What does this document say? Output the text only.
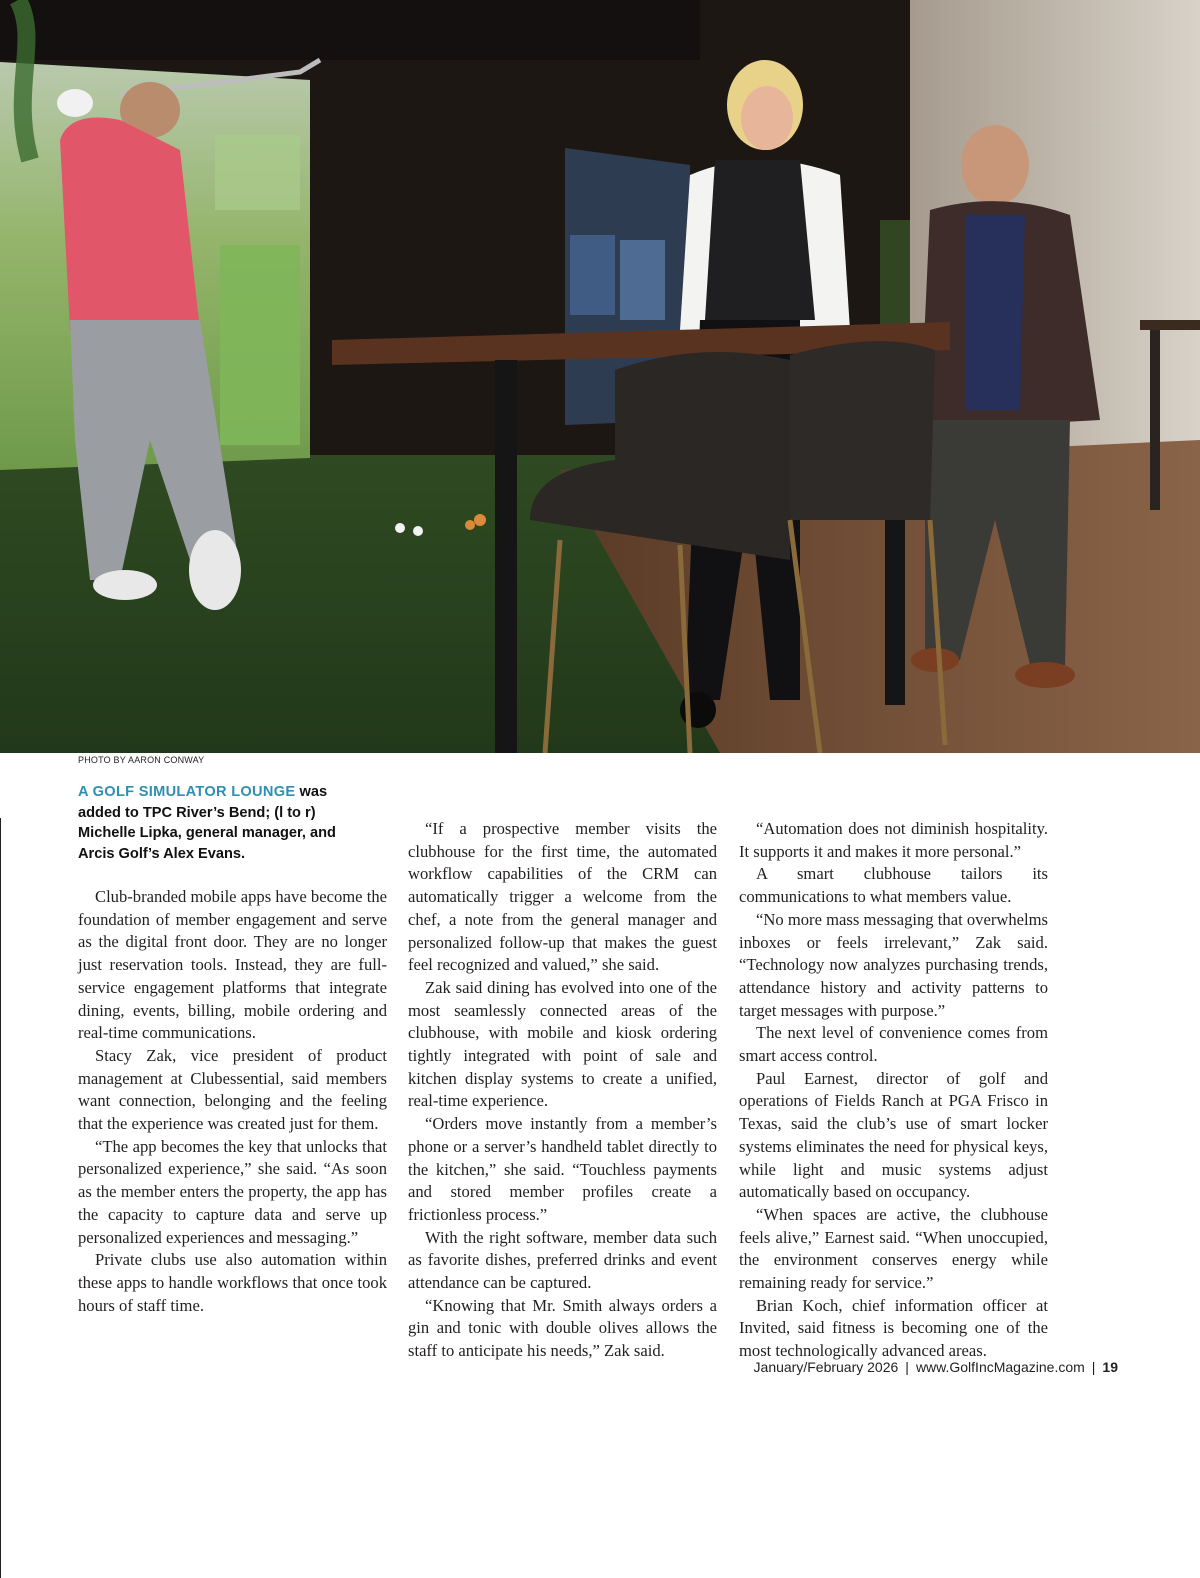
PHOTO BY AARON CONWAY
A GOLF SIMULATOR LOUNGE was added to TPC River’s Bend; (l to r) Michelle Lipka, general manager, and Arcis Golf’s Alex Evans.

Club-branded mobile apps have become the foundation of member engagement and serve as the digital front door. They are no longer just reservation tools. Instead, they are full-service engagement platforms that integrate dining, events, billing, mobile ordering and real-time communications.

Stacy Zak, vice president of product management at Clubessential, said members want connection, belonging and the feeling that the experience was created just for them.

“The app becomes the key that unlocks that personalized experience,” she said. “As soon as the member enters the property, the app has the capacity to capture data and serve up personalized experiences and messaging.”

Private clubs use also automation within these apps to handle workflows that once took hours of staff time.

“If a prospective member visits the clubhouse for the first time, the automated workflow capabilities of the CRM can automatically trigger a welcome from the chef, a note from the general manager and personalized follow-up that makes the guest feel recognized and valued,” she said.

Zak said dining has evolved into one of the most seamlessly connected areas of the clubhouse, with mobile and kiosk ordering tightly integrated with point of sale and kitchen display systems to create a unified, real-time experience.

“Orders move instantly from a member’s phone or a server’s handheld tablet directly to the kitchen,” she said. “Touchless payments and stored member profiles create a frictionless process.”

With the right software, member data such as favorite dishes, preferred drinks and event attendance can be captured.

“Knowing that Mr. Smith always orders a gin and tonic with double olives allows the staff to anticipate his needs,” Zak said.

“Automation does not diminish hospitality. It supports it and makes it more personal.”

A smart clubhouse tailors its communications to what members value.

“No more mass messaging that overwhelms inboxes or feels irrelevant,” Zak said. “Technology now analyzes purchasing trends, attendance history and activity patterns to target messages with purpose.”

The next level of convenience comes from smart access control.

Paul Earnest, director of golf and operations of Fields Ranch at PGA Frisco in Texas, said the club’s use of smart locker systems eliminates the need for physical keys, while light and music systems adjust automatically based on occupancy.

“When spaces are active, the clubhouse feels alive,” Earnest said. “When unoccupied, the environment conserves energy while remaining ready for service.”

Brian Koch, chief information officer at Invited, said fitness is becoming one of the most technologically advanced areas.

January/February 2026 | www.GolfIncMagazine.com | 19
